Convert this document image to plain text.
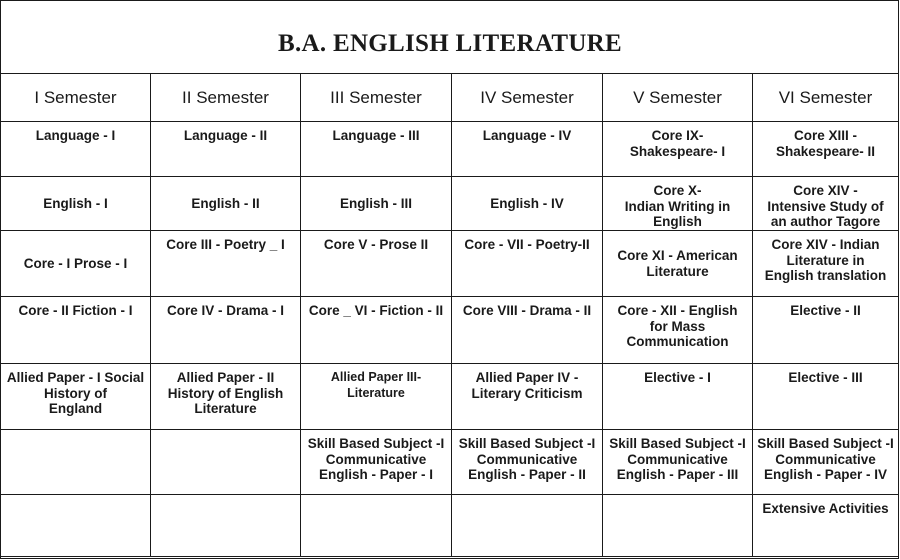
B.A. ENGLISH LITERATURE
I Semester	II Semester	III Semester	IV Semester	V Semester	VI Semester

Language - I	Language - II	Language - III	Language - IV	Core IX-
Shakespeare- I	Core XIII -
Shakespeare- II

English - I	English - II	English - III	English - IV	Core X-
Indian Writing in
English	Core XIV -
Intensive Study of
an author Tagore

Core - I Prose - I	Core III - Poetry _ I	Core V - Prose II	Core - VII - Poetry-II	Core XI - American
Literature	Core XIV - Indian
Literature in
English translation

Core - II Fiction - I	Core IV - Drama - I	Core _ VI - Fiction - II	Core VIII - Drama - II	Core - XII - English
for Mass
Communication	Elective - II

Allied Paper - I Social
History of
England	Allied Paper - II
History of English
Literature	Allied Paper III-
Literature	Allied Paper IV -
Literary Criticism	Elective - I	Elective - III

		Skill Based Subject -I
Communicative
English - Paper - I	Skill Based Subject -I
Communicative
English - Paper - II	Skill Based Subject -I
Communicative
English - Paper - III	Skill Based Subject -I
Communicative
English - Paper - IV

					Extensive Activities
